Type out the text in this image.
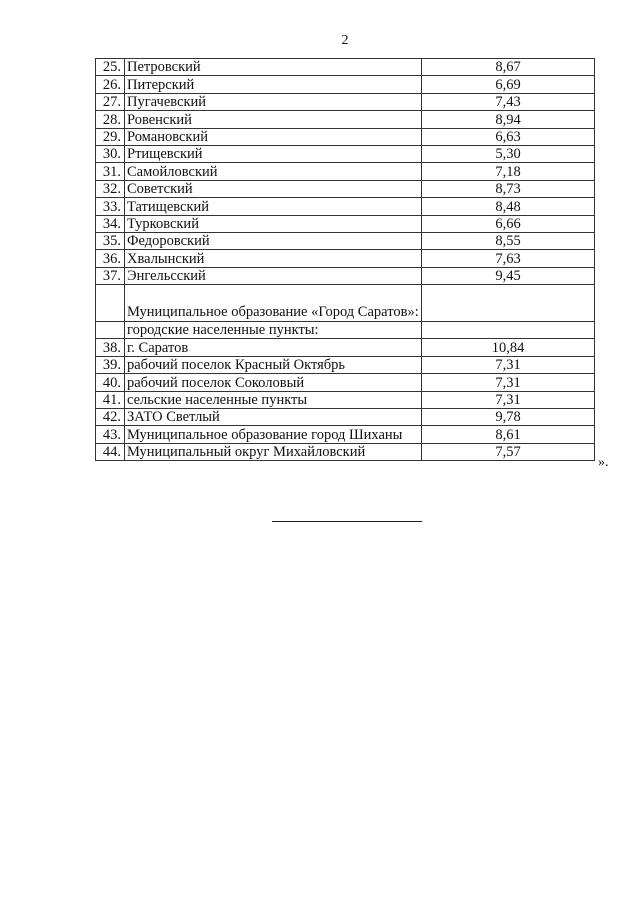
2
25.	Петровский	8,67
26.	Питерский	6,69
27.	Пугачевский	7,43
28.	Ровенский	8,94
29.	Романовский	6,63
30.	Ртищевский	5,30
31.	Самойловский	7,18
32.	Советский	8,73
33.	Татищевский	8,48
34.	Турковский	6,66
35.	Федоровский	8,55
36.	Хвалынский	7,63
37.	Энгельсский	9,45
	Муниципальное образование «Город Саратов»:	
	городские населенные пункты:	
38.	г. Саратов	10,84
39.	рабочий поселок Красный Октябрь	7,31
40.	рабочий поселок Соколовый	7,31
41.	сельские населенные пункты	7,31
42.	ЗАТО Светлый	9,78
43.	Муниципальное образование город Шиханы	8,61
44.	Муниципальный округ Михайловский	7,57
».
